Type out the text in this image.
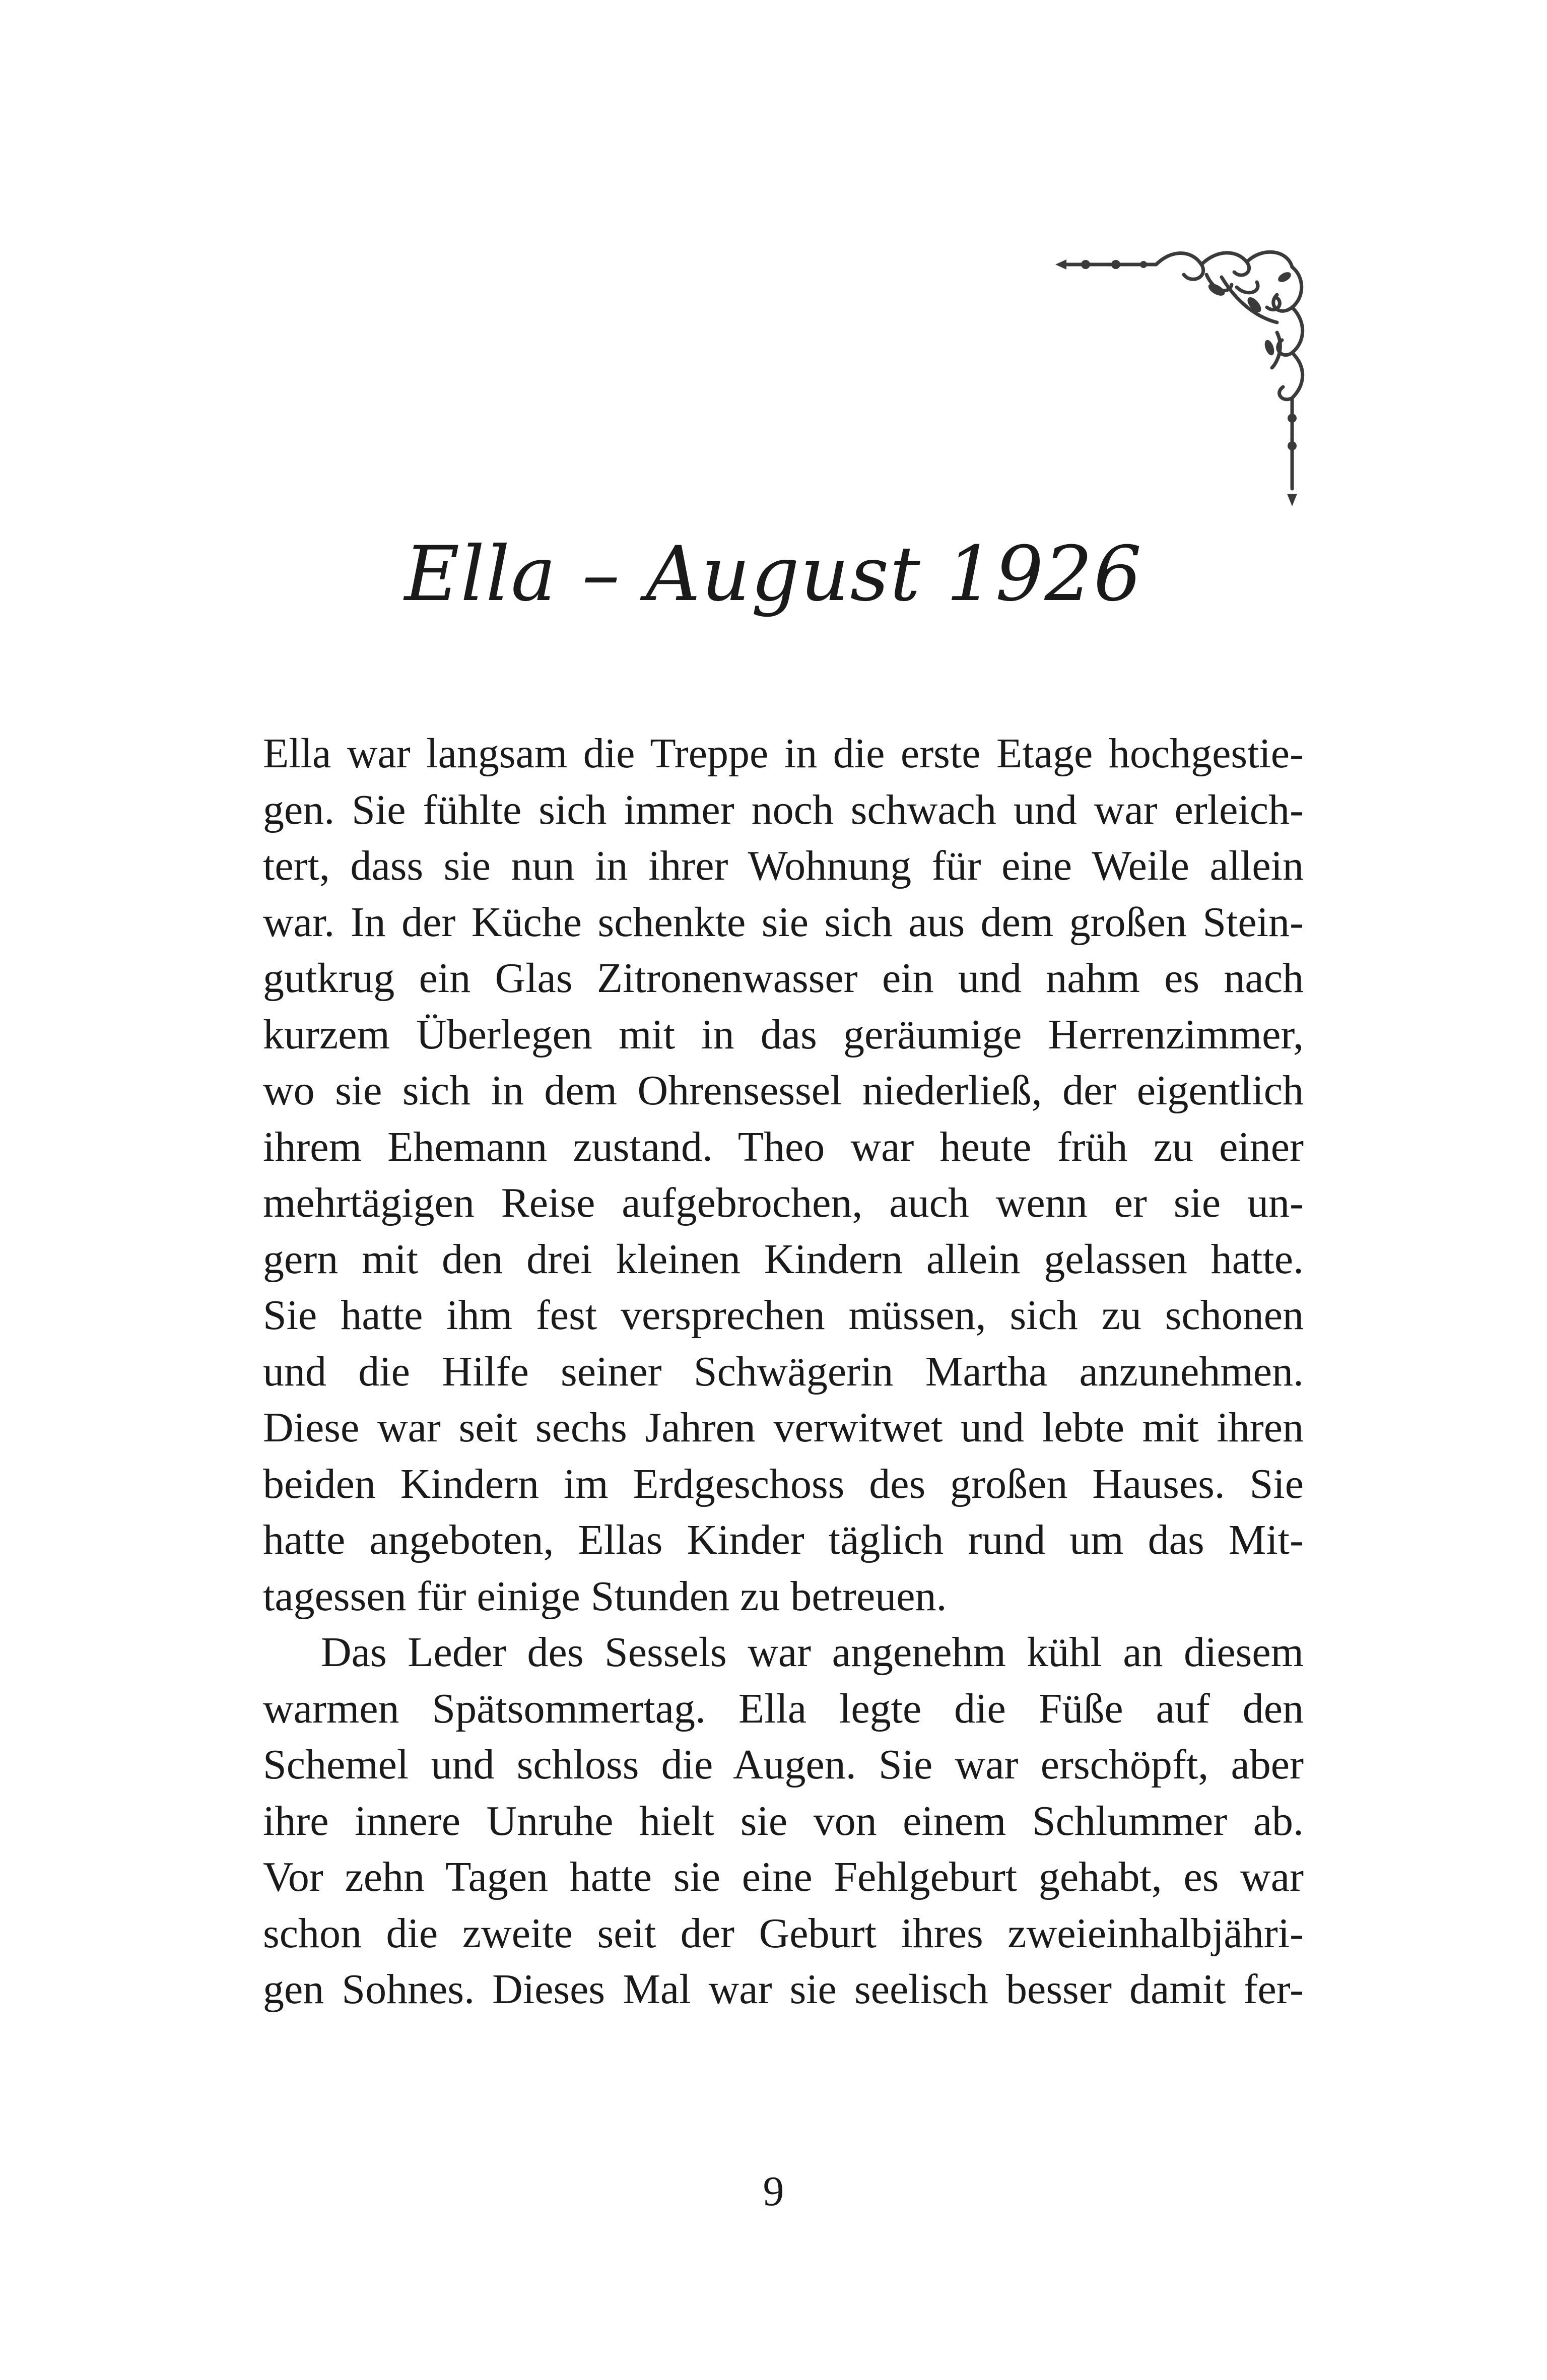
Ella – August 1926
Ella war langsam die Treppe in die erste Etage hochgestie-
gen. Sie fühlte sich immer noch schwach und war erleich-
tert, dass sie nun in ihrer Wohnung für eine Weile allein
war. In der Küche schenkte sie sich aus dem großen Stein-
gutkrug ein Glas Zitronenwasser ein und nahm es nach
kurzem Überlegen mit in das geräumige Herrenzimmer,
wo sie sich in dem Ohrensessel niederließ, der eigentlich
ihrem Ehemann zustand. Theo war heute früh zu einer
mehrtägigen Reise aufgebrochen, auch wenn er sie un-
gern mit den drei kleinen Kindern allein gelassen hatte.
Sie hatte ihm fest versprechen müssen, sich zu schonen
und die Hilfe seiner Schwägerin Martha anzunehmen.
Diese war seit sechs Jahren verwitwet und lebte mit ihren
beiden Kindern im Erdgeschoss des großen Hauses. Sie
hatte angeboten, Ellas Kinder täglich rund um das Mit-
tagessen für einige Stunden zu betreuen.
Das Leder des Sessels war angenehm kühl an diesem
warmen Spätsommertag. Ella legte die Füße auf den
Schemel und schloss die Augen. Sie war erschöpft, aber
ihre innere Unruhe hielt sie von einem Schlummer ab.
Vor zehn Tagen hatte sie eine Fehlgeburt gehabt, es war
schon die zweite seit der Geburt ihres zweieinhalbjähri-
gen Sohnes. Dieses Mal war sie seelisch besser damit fer-
9
